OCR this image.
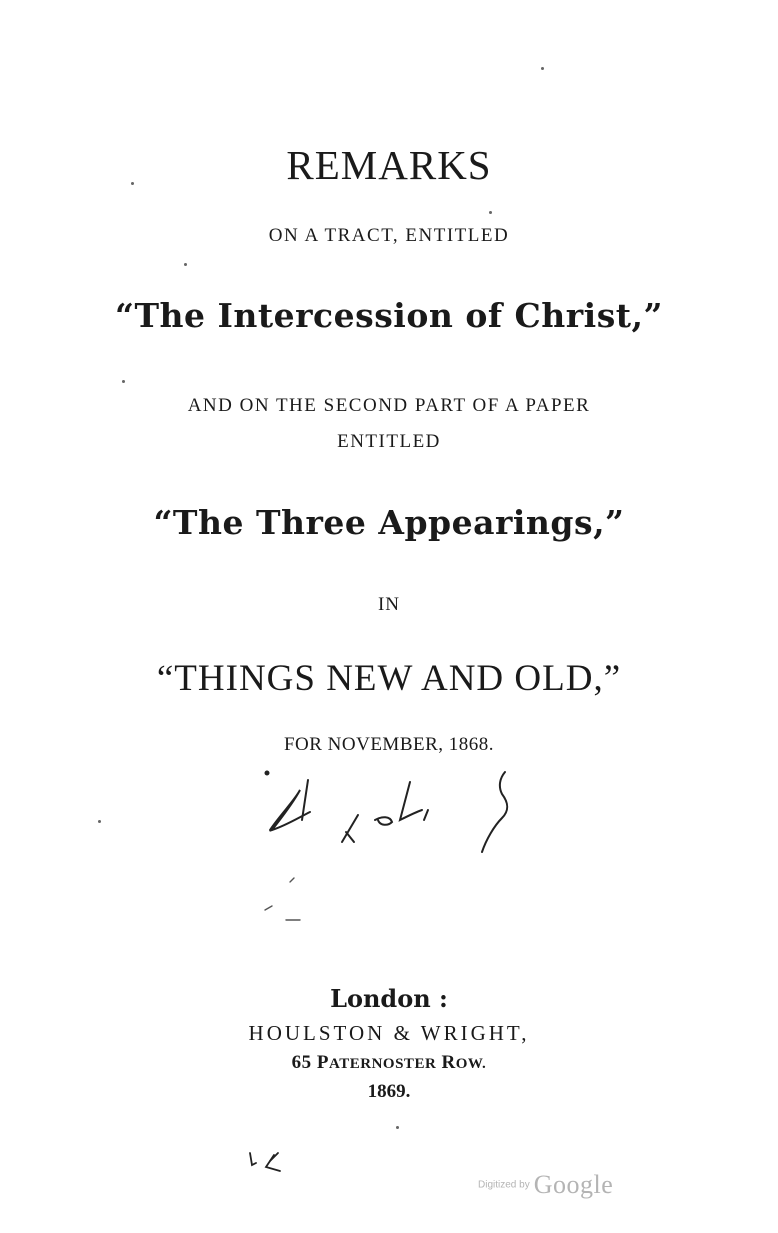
REMARKS
ON A TRACT, ENTITLED
“The Intercession of Christ,”
AND ON THE SECOND PART OF A PAPER
ENTITLED
“The Three Appearings,”
IN
“THINGS NEW AND OLD,”
FOR NOVEMBER, 1868.
London :
HOULSTON & WRIGHT,
65 PATERNOSTER ROW.
1869.
Digitized by Google
